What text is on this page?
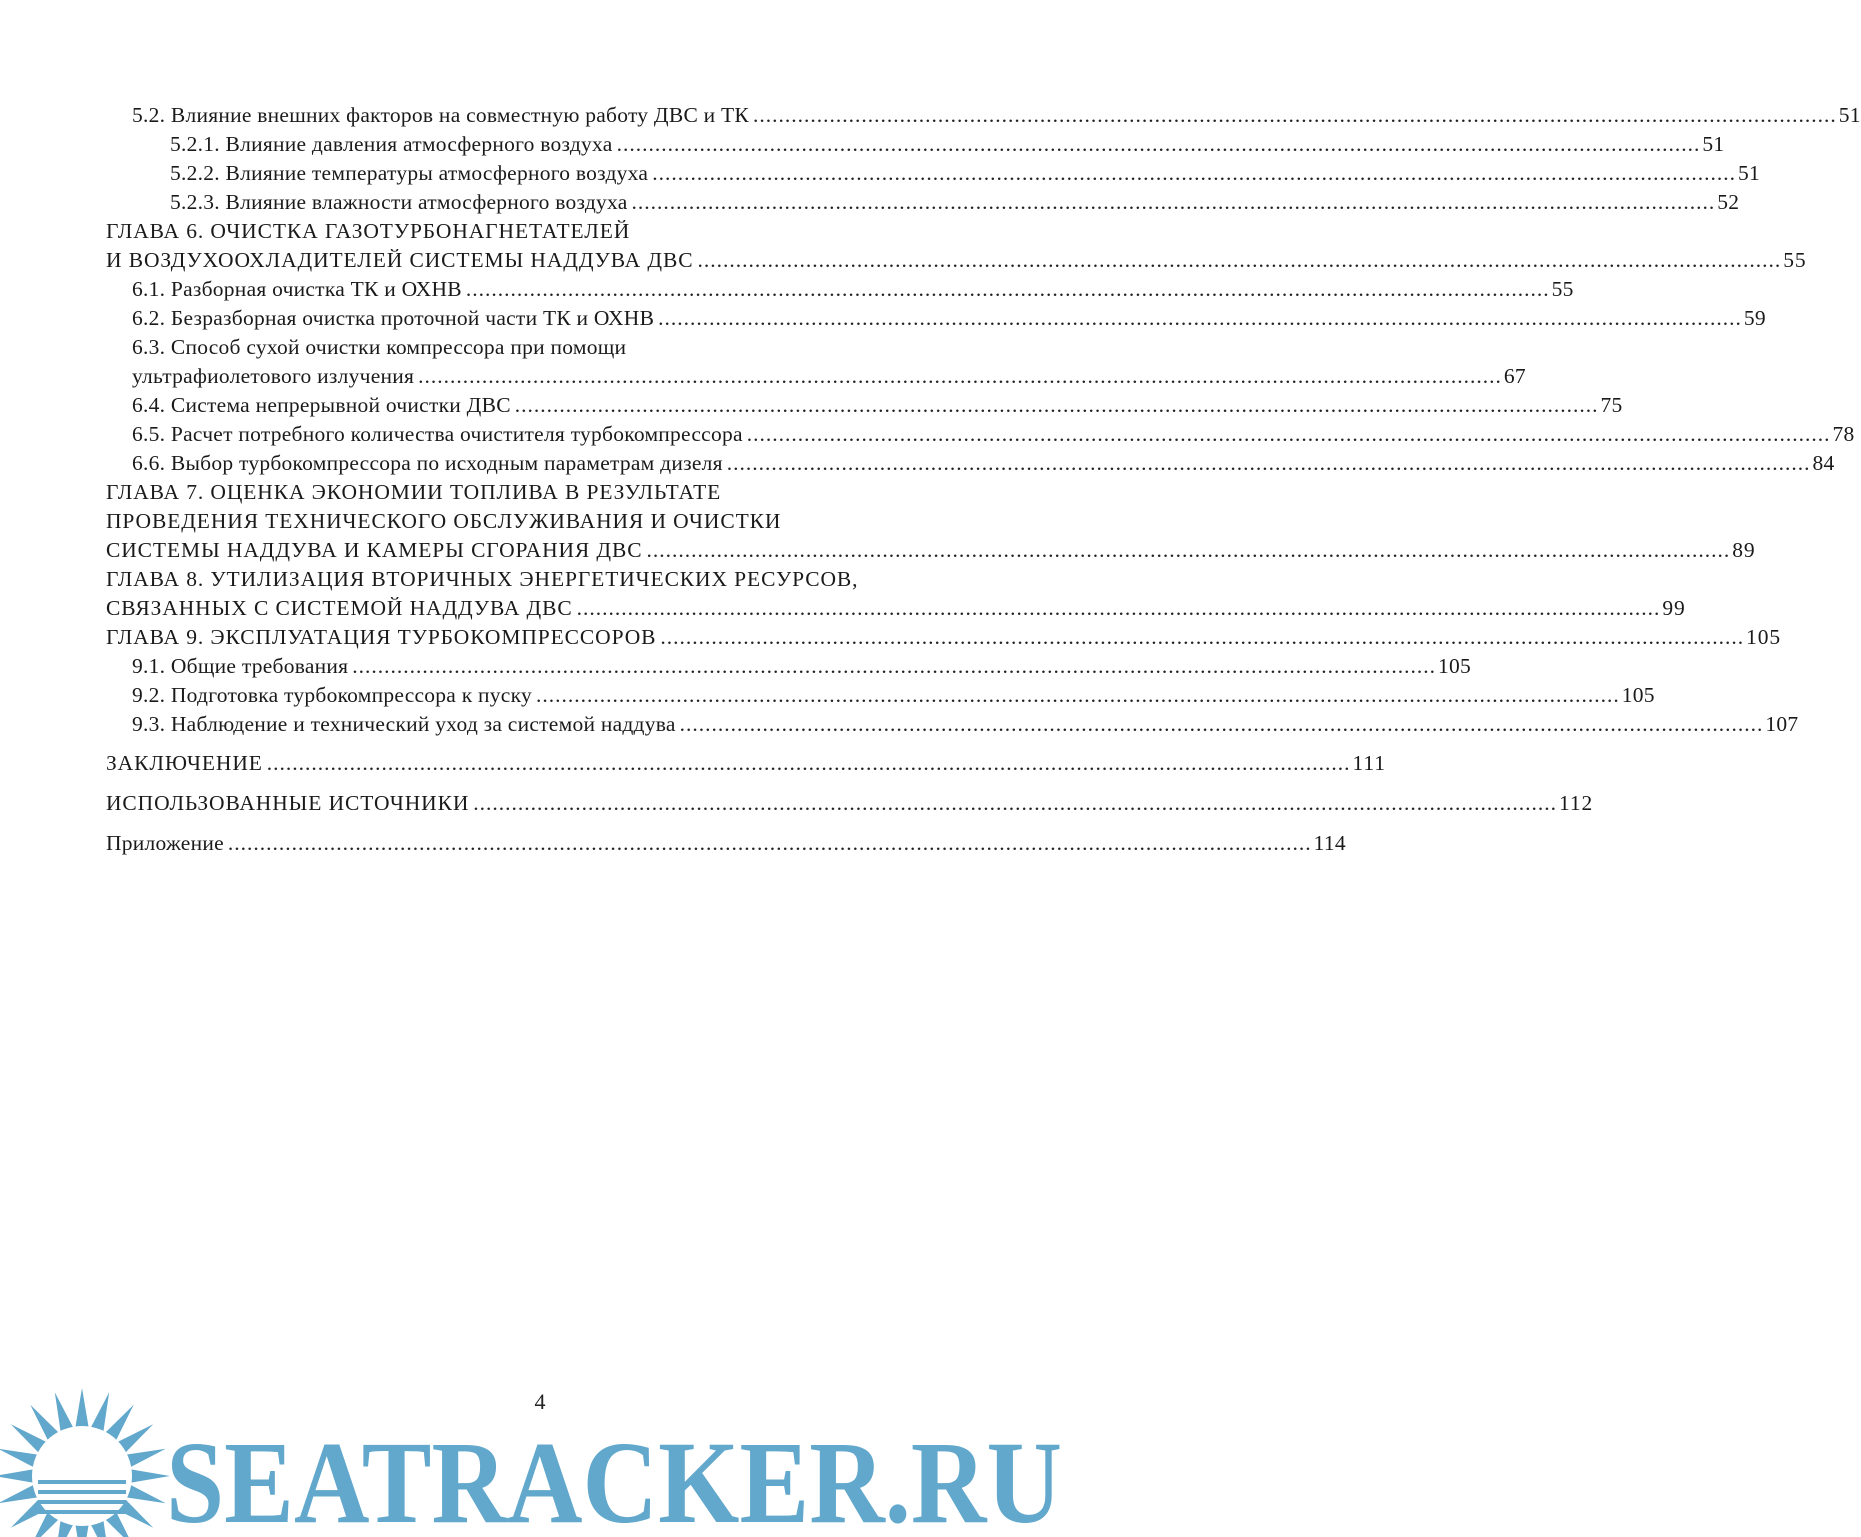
5.2. Влияние внешних факторов на совместную работу ДВС и ТК .......................................................................................................................................................................... 51
5.2.1. Влияние давления атмосферного воздуха .......................................................................................................................................................................... 51
5.2.2. Влияние температуры атмосферного воздуха .......................................................................................................................................................................... 51
5.2.3. Влияние влажности атмосферного воздуха .......................................................................................................................................................................... 52
ГЛАВА 6. ОЧИСТКА ГАЗОТУРБОНАГНЕТАТЕЛЕЙ
И ВОЗДУХООХЛАДИТЕЛЕЙ СИСТЕМЫ НАДДУВА ДВС .......................................................................................................................................................................... 55
6.1. Разборная очистка ТК и ОХНВ .......................................................................................................................................................................... 55
6.2. Безразборная очистка проточной части ТК и ОХНВ .......................................................................................................................................................................... 59
6.3. Способ сухой очистки компрессора при помощи
ультрафиолетового излучения .......................................................................................................................................................................... 67
6.4. Система непрерывной очистки ДВС .......................................................................................................................................................................... 75
6.5. Расчет потребного количества очистителя турбокомпрессора .......................................................................................................................................................................... 78
6.6. Выбор турбокомпрессора по исходным параметрам дизеля .......................................................................................................................................................................... 84
ГЛАВА 7. ОЦЕНКА ЭКОНОМИИ ТОПЛИВА В РЕЗУЛЬТАТЕ
ПРОВЕДЕНИЯ ТЕХНИЧЕСКОГО ОБСЛУЖИВАНИЯ И ОЧИСТКИ
СИСТЕМЫ НАДДУВА И КАМЕРЫ СГОРАНИЯ ДВС .......................................................................................................................................................................... 89
ГЛАВА 8. УТИЛИЗАЦИЯ ВТОРИЧНЫХ ЭНЕРГЕТИЧЕСКИХ РЕСУРСОВ,
СВЯЗАННЫХ С СИСТЕМОЙ НАДДУВА ДВС .......................................................................................................................................................................... 99
ГЛАВА 9. ЭКСПЛУАТАЦИЯ ТУРБОКОМПРЕССОРОВ .......................................................................................................................................................................... 105
9.1. Общие требования .......................................................................................................................................................................... 105
9.2. Подготовка турбокомпрессора к пуску .......................................................................................................................................................................... 105
9.3. Наблюдение и технический уход за системой наддува .......................................................................................................................................................................... 107
ЗАКЛЮЧЕНИЕ .......................................................................................................................................................................... 111
ИСПОЛЬЗОВАННЫЕ ИСТОЧНИКИ .......................................................................................................................................................................... 112
Приложение .......................................................................................................................................................................... 114
SEATRACKER.RU
4
